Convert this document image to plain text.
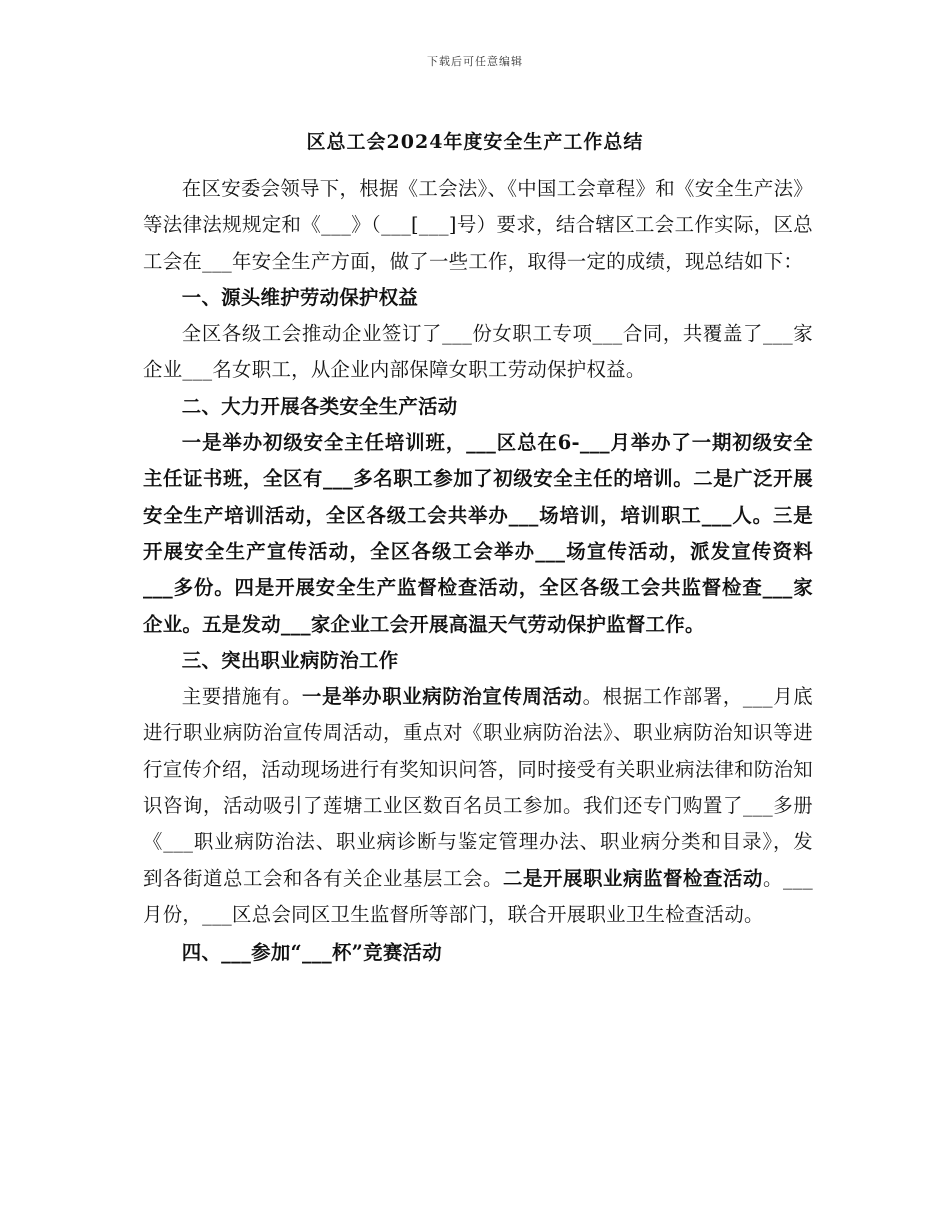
下载后可任意编辑
区总工会2024年度安全生产工作总结

在区安委会领导下，根据《工会法》、《中国工会章程》和《安全生产法》等法律法规规定和《___》（___[___]号）要求，结合辖区工会工作实际，区总工会在___年安全生产方面，做了一些工作，取得一定的成绩，现总结如下：

一、源头维护劳动保护权益

全区各级工会推动企业签订了___份女职工专项___合同，共覆盖了___家企业___名女职工，从企业内部保障女职工劳动保护权益。

二、大力开展各类安全生产活动

一是举办初级安全主任培训班，___区总在6-___月举办了一期初级安全主任证书班，全区有___多名职工参加了初级安全主任的培训。二是广泛开展安全生产培训活动，全区各级工会共举办___场培训，培训职工___人。三是开展安全生产宣传活动，全区各级工会举办___场宣传活动，派发宣传资料___多份。四是开展安全生产监督检查活动，全区各级工会共监督检查___家企业。五是发动___家企业工会开展高温天气劳动保护监督工作。

三、突出职业病防治工作

主要措施有。一是举办职业病防治宣传周活动。根据工作部署，___月底进行职业病防治宣传周活动，重点对《职业病防治法》、职业病防治知识等进行宣传介绍，活动现场进行有奖知识问答，同时接受有关职业病法律和防治知识咨询，活动吸引了莲塘工业区数百名员工参加。我们还专门购置了___多册《___职业病防治法、职业病诊断与鉴定管理办法、职业病分类和目录》，发到各街道总工会和各有关企业基层工会。二是开展职业病监督检查活动。___月份，___区总会同区卫生监督所等部门，联合开展职业卫生检查活动。

四、___参加“___杯”竞赛活动
